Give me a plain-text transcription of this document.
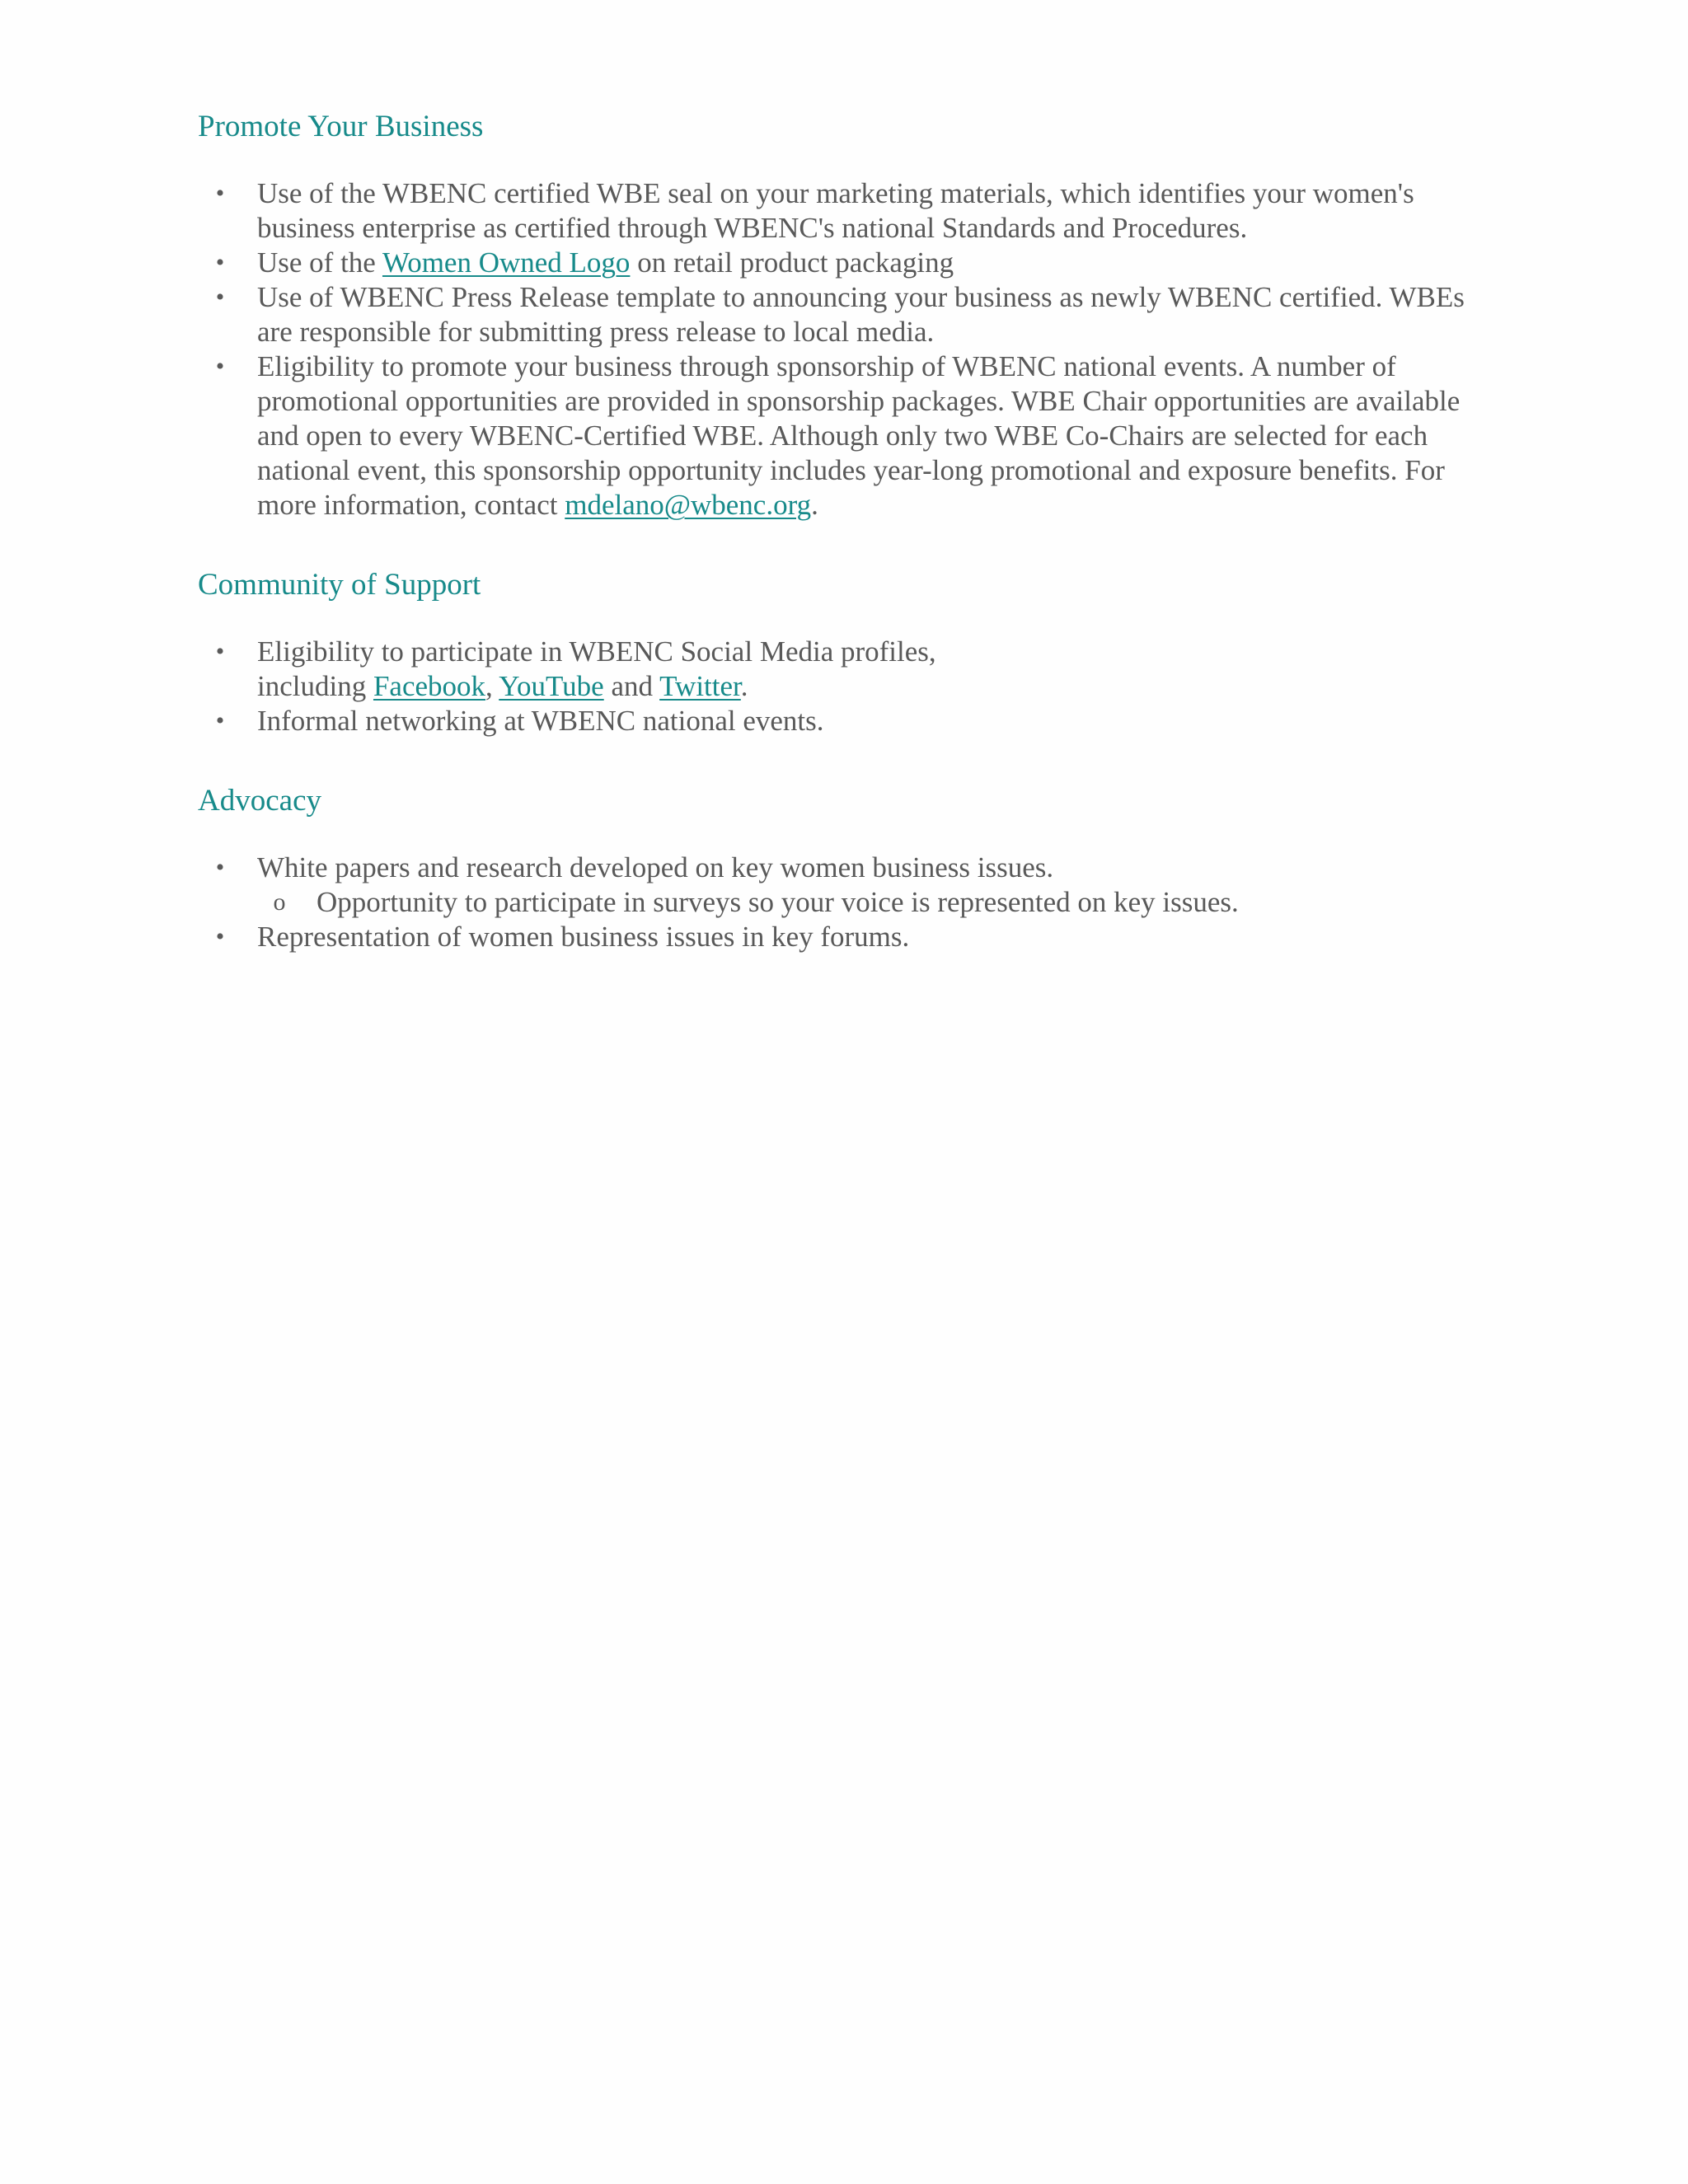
Promote Your Business
• Use of the WBENC certified WBE seal on your marketing materials, which identifies your women's business enterprise as certified through WBENC's national Standards and Procedures.
• Use of the Women Owned Logo on retail product packaging
• Use of WBENC Press Release template to announcing your business as newly WBENC certified. WBEs are responsible for submitting press release to local media.
• Eligibility to promote your business through sponsorship of WBENC national events. A number of promotional opportunities are provided in sponsorship packages. WBE Chair opportunities are available and open to every WBENC-Certified WBE. Although only two WBE Co-Chairs are selected for each national event, this sponsorship opportunity includes year-long promotional and exposure benefits. For more information, contact mdelano@wbenc.org.
Community of Support
• Eligibility to participate in WBENC Social Media profiles,
including Facebook, YouTube and Twitter.
• Informal networking at WBENC national events.
Advocacy
• White papers and research developed on key women business issues.
o Opportunity to participate in surveys so your voice is represented on key issues.
• Representation of women business issues in key forums.
